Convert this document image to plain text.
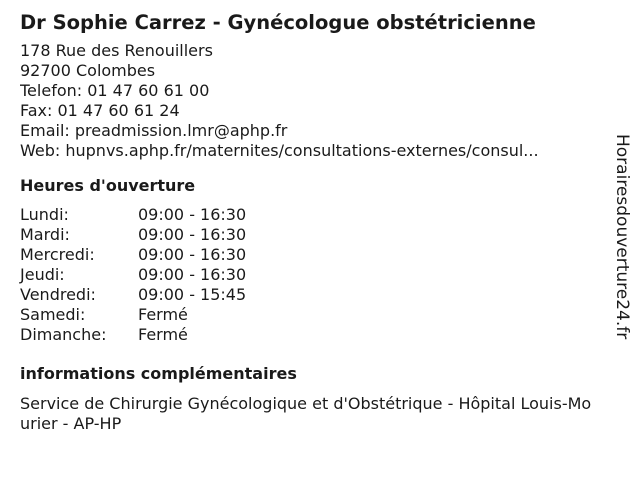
Dr Sophie Carrez - Gynécologue obstétricienne
178 Rue des Renouillers
92700 Colombes
Telefon: 01 47 60 61 00
Fax: 01 47 60 61 24
Email: preadmission.lmr@aphp.fr
Web: hupnvs.aphp.fr/maternites/consultations-externes/consul...
Heures d'ouverture
Lundi:	09:00 - 16:30
Mardi:	09:00 - 16:30
Mercredi:	09:00 - 16:30
Jeudi:	09:00 - 16:30
Vendredi:	09:00 - 15:45
Samedi:	Fermé
Dimanche:	Fermé
informations complémentaires
Service de Chirurgie Gynécologique et d'Obstétrique - Hôpital Louis-Mourier - AP-HP
Horairesdouverture24.fr
